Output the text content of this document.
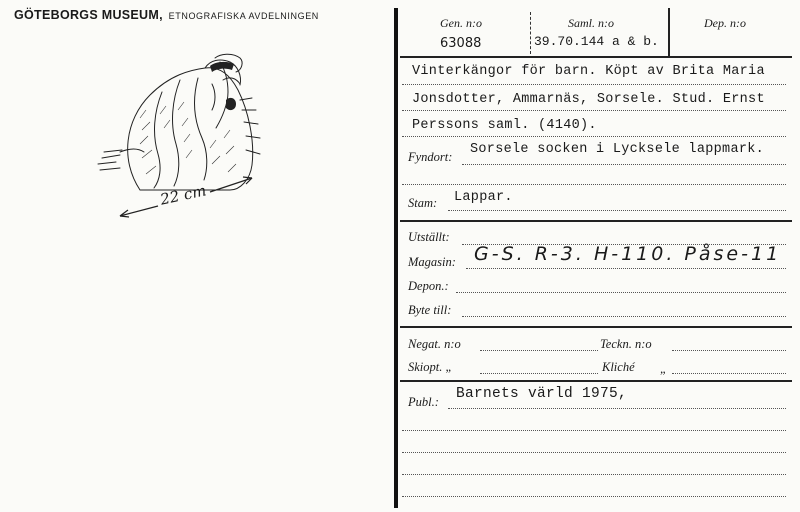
GÖTEBORGS MUSEUM, ETNOGRAFISKA AVDELNINGEN
22 cm
Gen. n:o
63088
Saml. n:o
39.70.144 a & b.
Dep. n:o
Vinterkängor för barn. Köpt av Brita Maria
Jonsdotter, Ammarnäs, Sorsele. Stud. Ernst
Perssons saml. (4140).
Fyndort: Sorsele socken i Lycksele lappmark.
Stam: Lappar.
Utställt:
Magasin: G-S. R-3. H-110. Påse-11
Depon.:
Byte till:
Negat. n:o	Teckn. n:o
Skiopt. „	Kliché „
Publ.: Barnets värld 1975,
